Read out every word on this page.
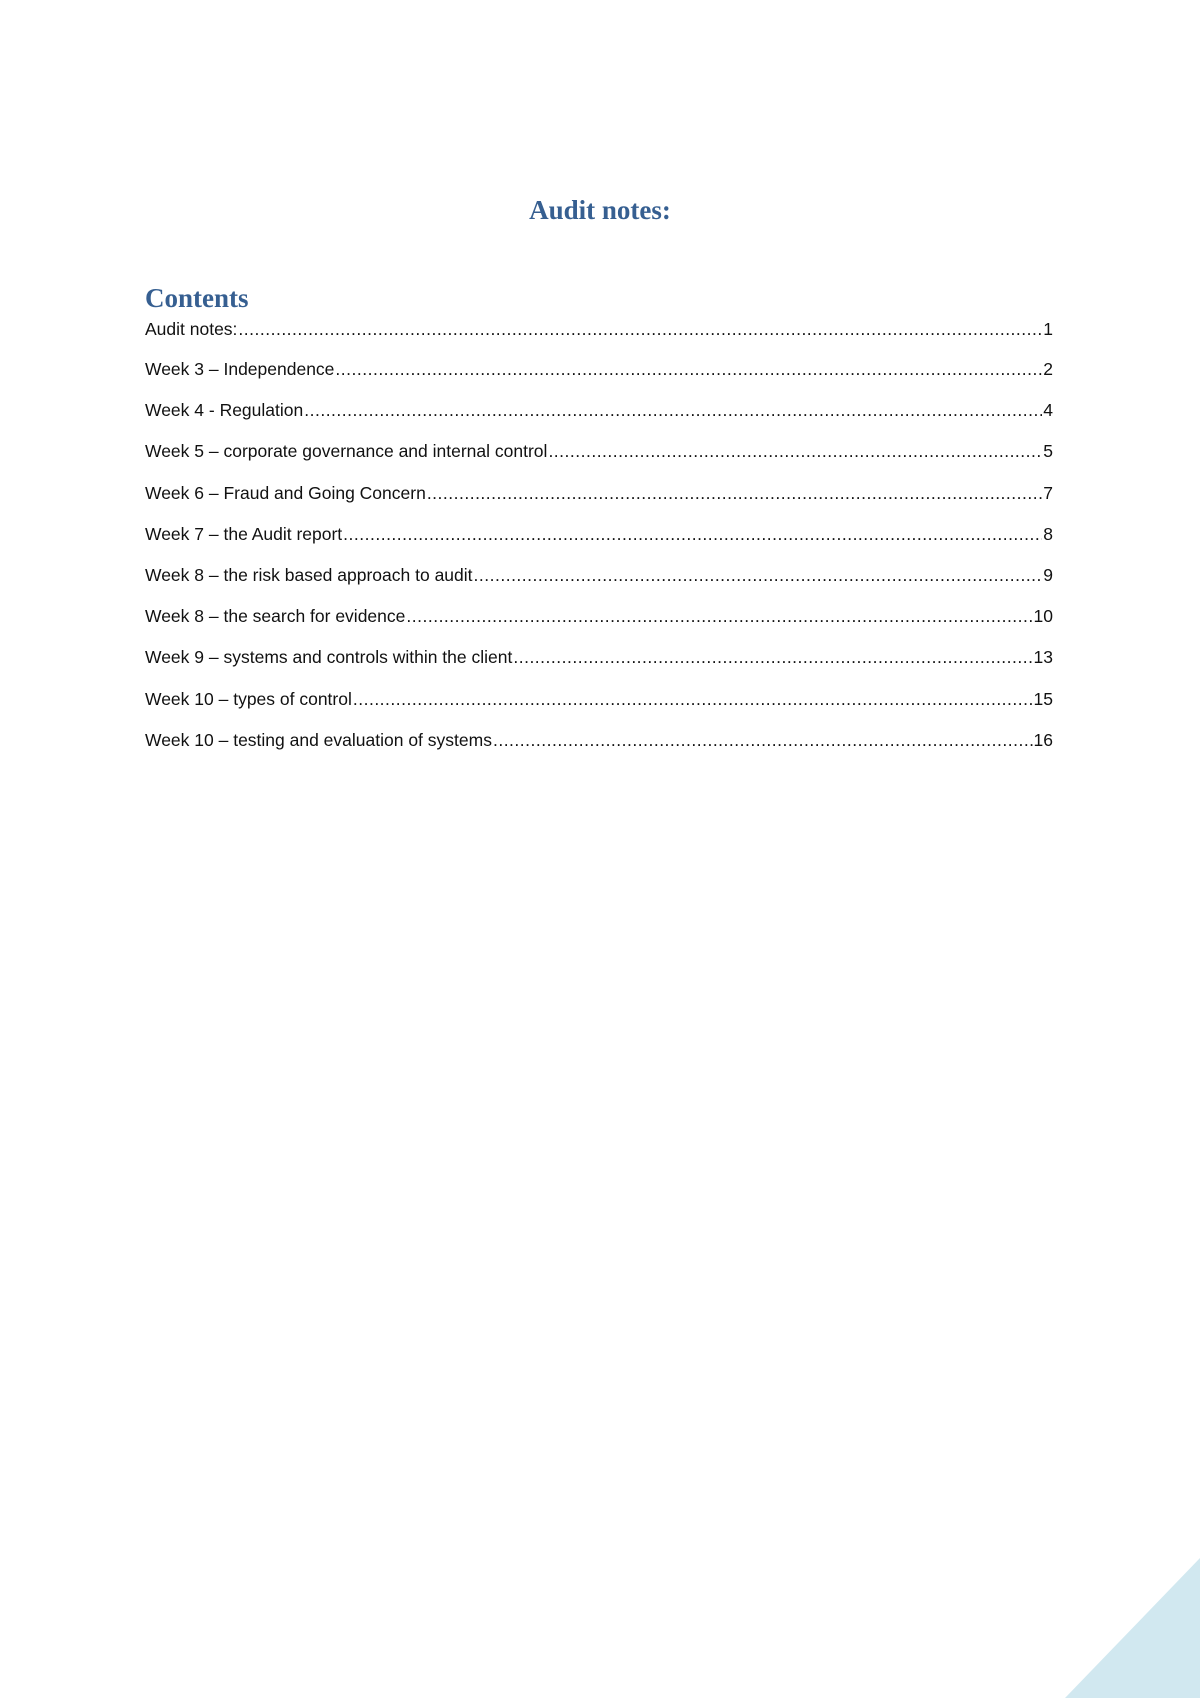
Audit notes:
Contents
Audit notes: .....	1
Week 3 – Independence .....	2
Week 4 - Regulation .....	4
Week 5 – corporate governance and internal control .....	5
Week 6 – Fraud and Going Concern .....	7
Week 7 – the Audit report .....	8
Week 8 – the risk based approach to audit .....	9
Week 8 – the search for evidence .....	10
Week 9 – systems and controls within the client .....	13
Week 10 – types of control .....	15
Week 10 – testing and evaluation of systems .....	16
